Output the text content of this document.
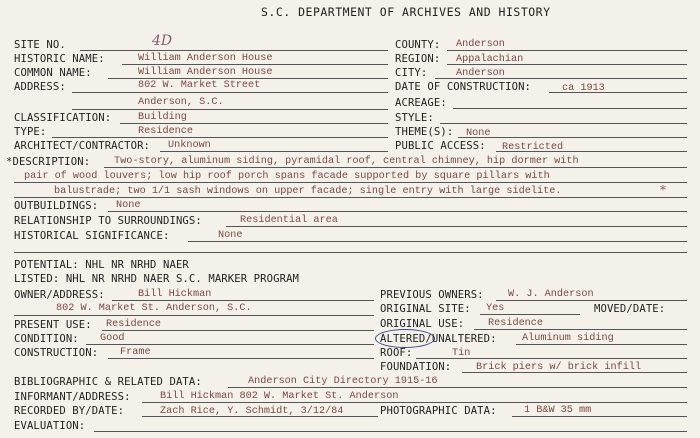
S.C. DEPARTMENT OF ARCHIVES AND HISTORY
SITE NO.	4D
HISTORIC NAME:	William Anderson House
COMMON NAME:	William Anderson House
ADDRESS:	802 W. Market Street
Anderson, S.C.
CLASSIFICATION:	Building
TYPE:	Residence
ARCHITECT/CONTRACTOR: Unknown
COUNTY: Anderson
REGION: Appalachian
CITY:	Anderson
DATE OF CONSTRUCTION:	ca 1913
ACREAGE:
STYLE:
THEME(S): None
PUBLIC ACCESS: Restricted
*DESCRIPTION: Two-story, aluminum siding, pyramidal roof, central chimney, hip dormer with
pair of wood louvers; low hip roof porch spans facade supported by square pillars with
balustrade; two 1/1 sash windows on upper facade; single entry with large sidelite.	*
OUTBUILDINGS: None
RELATIONSHIP TO SURROUNDINGS:	Residential area
HISTORICAL SIGNIFICANCE:	None
POTENTIAL: NHL NR NRHD NAER
LISTED: NHL NR NRHD NAER S.C. MARKER PROGRAM
OWNER/ADDRESS:	Bill Hickman
802 W. Market St. Anderson, S.C.
PREVIOUS OWNERS: W. J. Anderson
ORIGINAL SITE: Yes	MOVED/DATE:
PRESENT USE: Residence	ORIGINAL USE: Residence
CONDITION: Good	ALTERED/UNALTERED: Aluminum siding
CONSTRUCTION: Frame	ROOF:	Tin
FOUNDATION: Brick piers w/ brick infill
BIBLIOGRAPHIC & RELATED DATA:	Anderson City Directory 1915-16
INFORMANT/ADDRESS:	Bill Hickman 802 W. Market St. Anderson
RECORDED BY/DATE:	Zach Rice, Y. Schmidt, 3/12/84	PHOTOGRAPHIC DATA:	1 B&W 35 mm
EVALUATION:
